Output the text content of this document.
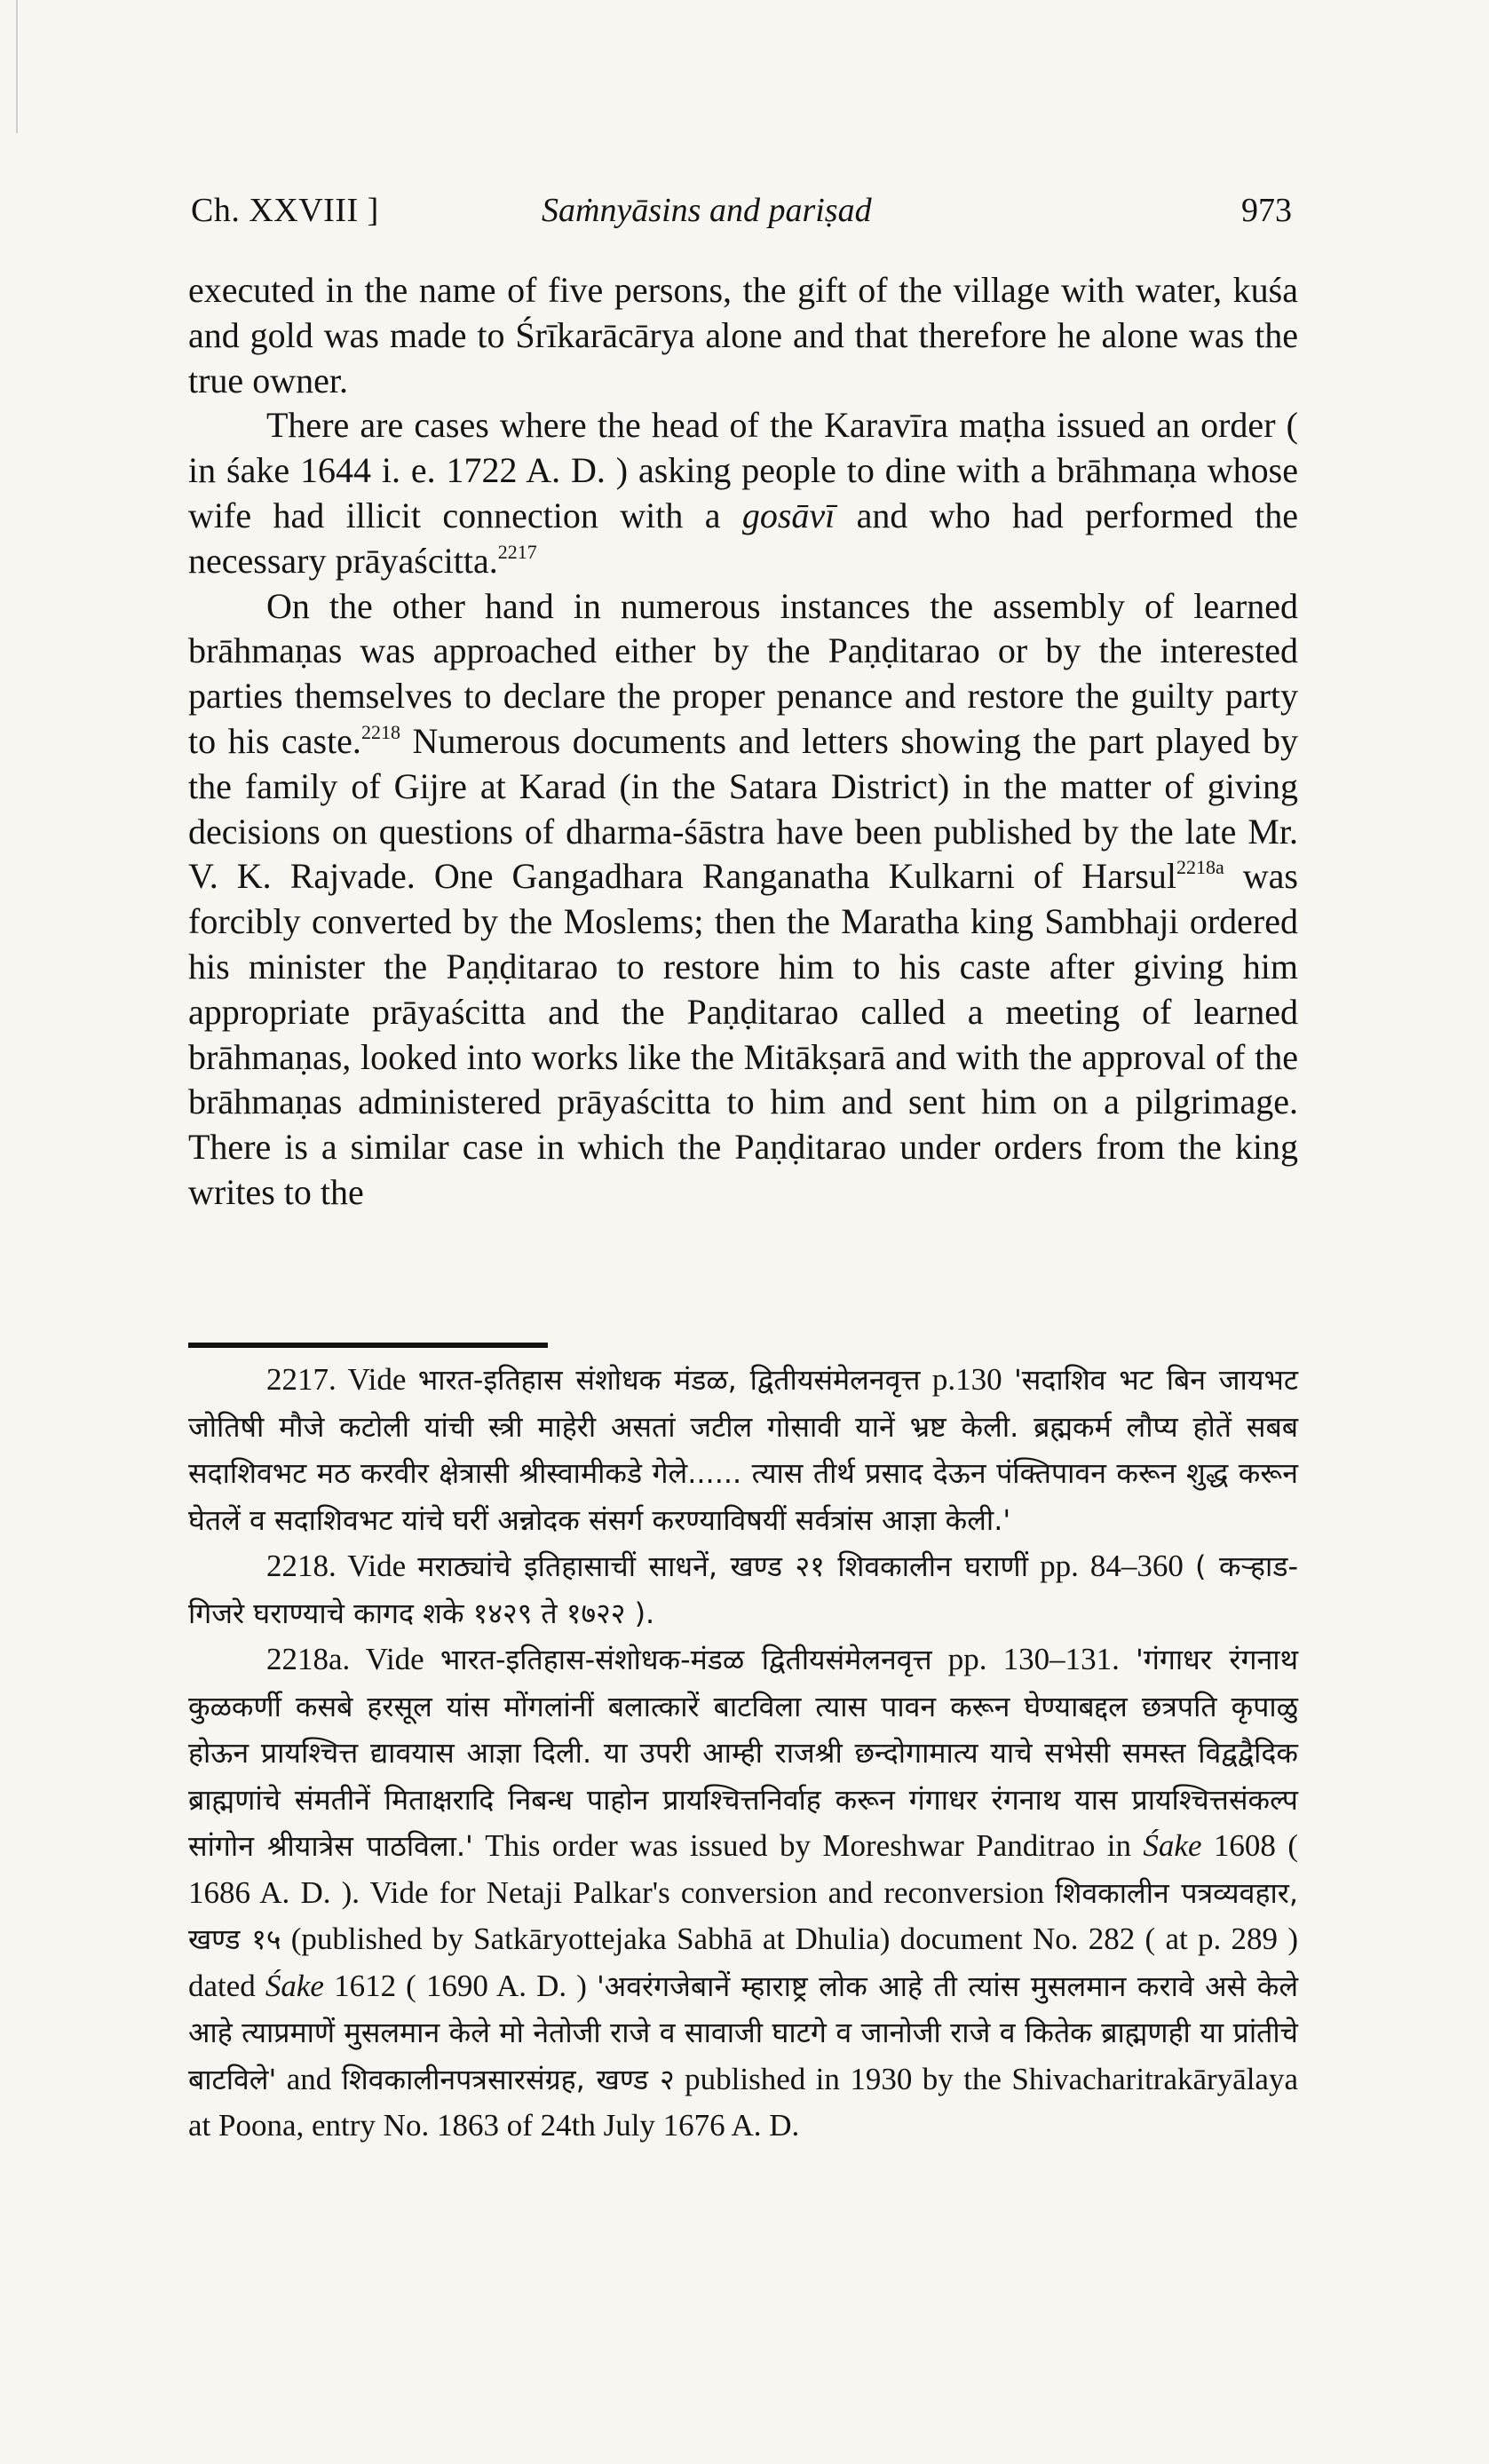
Ch. XXVIII ]	Saṁnyāsins and pariṣad	973

executed in the name of five persons, the gift of the village with water, kuśa and gold was made to Śrīkarācārya alone and that therefore he alone was the true owner.

There are cases where the head of the Karavīra maṭha issued an order ( in śake 1644 i. e. 1722 A. D. ) asking people to dine with a brāhmaṇa whose wife had illicit connection with a gosāvī and who had performed the necessary prāyaścitta.$^{2217}$

On the other hand in numerous instances the assembly of learned brāhmaṇas was approached either by the Paṇḍitarao or by the interested parties themselves to declare the proper penance and restore the guilty party to his caste.$^{2218}$ Numerous documents and letters showing the part played by the family of Gijre at Karad (in the Satara District) in the matter of giving decisions on questions of dharma-śāstra have been published by the late Mr. V. K. Rajvade. One Gangadhara Ranganatha Kulkarni of Harsul$^{2218a}$ was forcibly converted by the Moslems; then the Maratha king Sambhaji ordered his minister the Paṇḍitarao to restore him to his caste after giving him appropriate prāyaścitta and the Paṇḍitarao called a meeting of learned brāhmaṇas, looked into works like the Mitākṣarā and with the approval of the brāhmaṇas administered prāyaścitta to him and sent him on a pilgrimage. There is a similar case in which the Paṇḍitarao under orders from the king writes to the

2217. Vide भारत-इतिहास संशोधक मंडळ, द्वितीयसंमेलनवृत्त p.130 'सदाशिव भट बिन जायभट जोतिषी मौजे कटोली यांची स्त्री माहेरी असतां जटील गोसावी यानें भ्रष्ट केली. ब्रह्मकर्म लौप्य होतें सबब सदाशिवभट मठ करवीर क्षेत्रासी श्रीस्वामीकडे गेले...... त्यास तीर्थ प्रसाद देऊन पंक्तिपावन करून शुद्ध करून घेतलें व सदाशिवभट यांचे घरीं अन्नोदक संसर्ग करण्याविषयीं सर्वत्रांस आज्ञा केली.'

2218. Vide मराठ्यांचे इतिहासाचीं साधनें, खण्ड २१ शिवकालीन घराणीं pp. 84–360 ( कऱ्हाड-गिजरे घराण्याचे कागद शके १४२९ ते १७२२ ).

2218a. Vide भारत-इतिहास-संशोधक-मंडळ द्वितीयसंमेलनवृत्त pp. 130–131. 'गंगाधर रंगनाथ कुळकर्णी कसबे हरसूल यांस मोंगलांनीं बलात्कारें बाटविला त्यास पावन करून घेण्याबद्दल छत्रपति कृपाळु होऊन प्रायश्चित्त द्यावयास आज्ञा दिली. या उपरी आम्ही राजश्री छन्दोगामात्य याचे सभेसी समस्त विद्वद्वैदिक ब्राह्मणांचे संमतीनें मिताक्षरादि निबन्ध पाहोन प्रायश्चित्तनिर्वाह करून गंगाधर रंगनाथ यास प्रायश्चित्तसंकल्प सांगोन श्रीयात्रेस पाठविला.' This order was issued by Moreshwar Panditrao in Śake 1608 ( 1686 A. D. ). Vide for Netaji Palkar's conversion and reconversion शिवकालीन पत्रव्यवहार, खण्ड १५ (published by Satkāryottejaka Sabhā at Dhulia) document No. 282 ( at p. 289 ) dated Śake 1612 ( 1690 A. D. ) 'अवरंगजेबानें म्हाराष्ट्र लोक आहे ती त्यांस मुसलमान करावे असे केले आहे त्याप्रमाणें मुसलमान केले मो नेतोजी राजे व सावाजी घाटगे व जानोजी राजे व कितेक ब्राह्मणही या प्रांतीचे बाटविले' and शिवकालीनपत्रसारसंग्रह, खण्ड २ published in 1930 by the Shivacharitrakāryālaya at Poona, entry No. 1863 of 24th July 1676 A. D.
